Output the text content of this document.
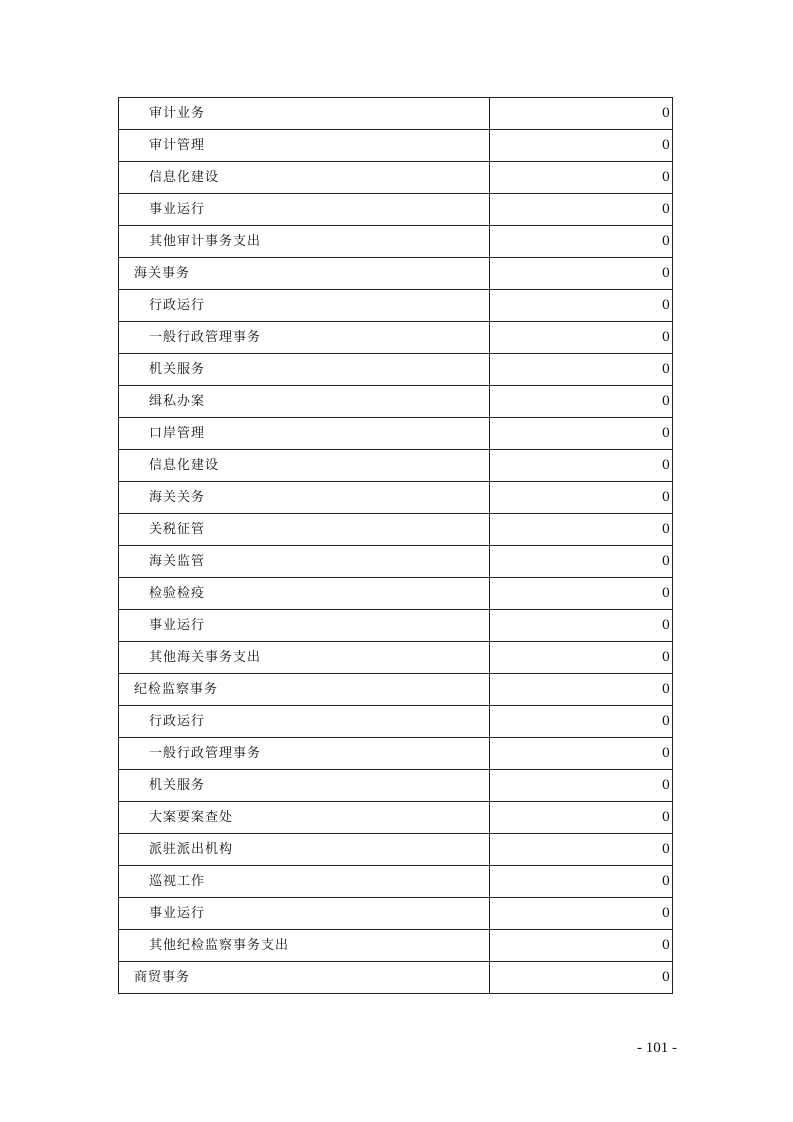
审计业务	0
审计管理	0
信息化建设	0
事业运行	0
其他审计事务支出	0
海关事务	0
行政运行	0
一般行政管理事务	0
机关服务	0
缉私办案	0
口岸管理	0
信息化建设	0
海关关务	0
关税征管	0
海关监管	0
检验检疫	0
事业运行	0
其他海关事务支出	0
纪检监察事务	0
行政运行	0
一般行政管理事务	0
机关服务	0
大案要案查处	0
派驻派出机构	0
巡视工作	0
事业运行	0
其他纪检监察事务支出	0
商贸事务	0
- 101 -
